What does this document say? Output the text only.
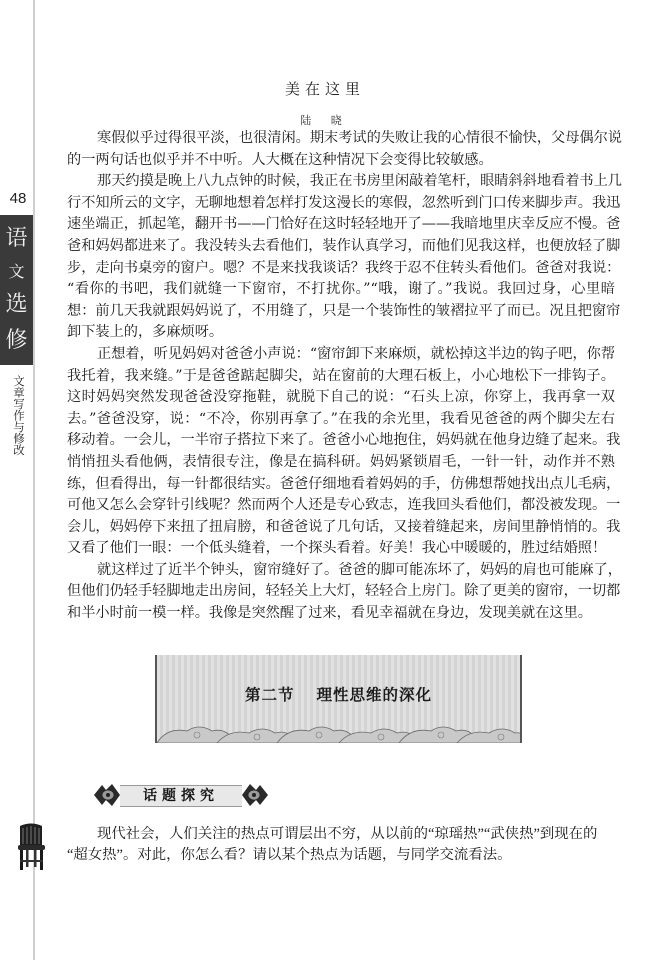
48
语
文
选
修
文章写作与修改
美在这里
陆 晓
寒假似乎过得很平淡，也很清闲。期末考试的失败让我的心情很不愉快，父母偶尔说
的一两句话也似乎并不中听。人大概在这种情况下会变得比较敏感。
那天约摸是晚上八九点钟的时候，我正在书房里闲敲着笔杆，眼睛斜斜地看着书上几
行不知所云的文字，无聊地想着怎样打发这漫长的寒假，忽然听到门口传来脚步声。我迅
速坐端正，抓起笔，翻开书——门恰好在这时轻轻地开了——我暗地里庆幸反应不慢。爸
爸和妈妈都进来了。我没转头去看他们，装作认真学习，而他们见我这样，也便放轻了脚
步，走向书桌旁的窗户。嗯？不是来找我谈话？我终于忍不住转头看他们。爸爸对我说：
“看你的书吧，我们就缝一下窗帘，不打扰你。”“哦，谢了。”我说。我回过身，心里暗
想：前几天我就跟妈妈说了，不用缝了，只是一个装饰性的皱褶拉平了而已。况且把窗帘
卸下装上的，多麻烦呀。
正想着，听见妈妈对爸爸小声说：“窗帘卸下来麻烦，就松掉这半边的钩子吧，你帮
我托着，我来缝。”于是爸爸踮起脚尖，站在窗前的大理石板上，小心地松下一排钩子。
这时妈妈突然发现爸爸没穿拖鞋，就脱下自己的说：“石头上凉，你穿上，我再拿一双
去。”爸爸没穿，说：“不冷，你别再拿了。”在我的余光里，我看见爸爸的两个脚尖左右
移动着。一会儿，一半帘子搭拉下来了。爸爸小心地抱住，妈妈就在他身边缝了起来。我
悄悄扭头看他俩，表情很专注，像是在搞科研。妈妈紧锁眉毛，一针一针，动作并不熟
练，但看得出，每一针都很结实。爸爸仔细地看着妈妈的手，仿佛想帮她找出点儿毛病，
可他又怎么会穿针引线呢？然而两个人还是专心致志，连我回头看他们，都没被发现。一
会儿，妈妈停下来扭了扭肩膀，和爸爸说了几句话，又接着缝起来，房间里静悄悄的。我
又看了他们一眼：一个低头缝着，一个探头看着。好美！我心中暖暖的，胜过结婚照！
就这样过了近半个钟头，窗帘缝好了。爸爸的脚可能冻坏了，妈妈的肩也可能麻了，
但他们仍轻手轻脚地走出房间，轻轻关上大灯，轻轻合上房门。除了更美的窗帘，一切都
和半小时前一模一样。我像是突然醒了过来，看见幸福就在身边，发现美就在这里。
第二节 理性思维的深化
话题探究
现代社会，人们关注的热点可谓层出不穷，从以前的“琼瑶热”“武侠热”到现在的
“超女热”。对此，你怎么看？请以某个热点为话题，与同学交流看法。
